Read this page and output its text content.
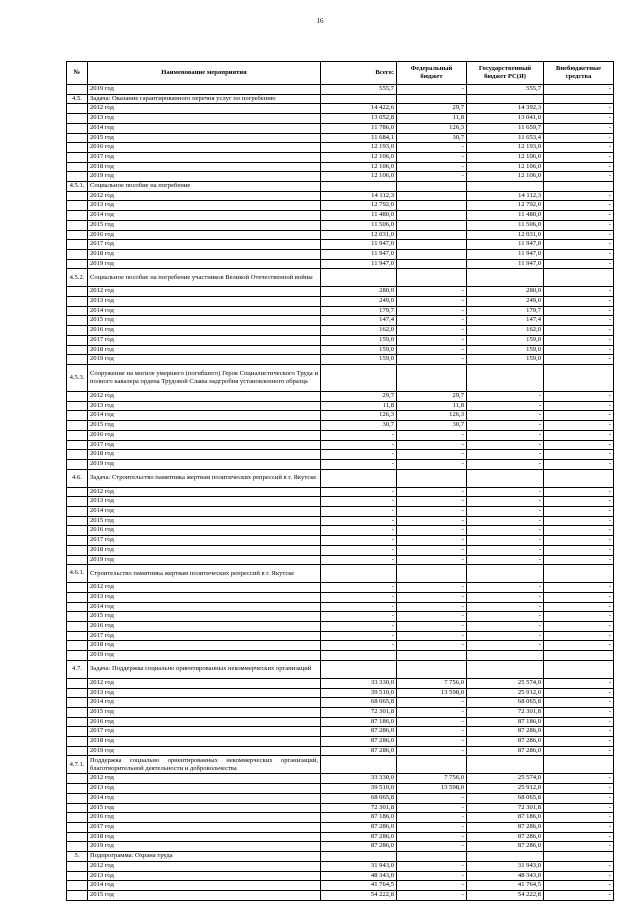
16
№	Наименование мероприятия	Всего:	Федеральный бюджет	Государственный бюджет РС(Я)	Внебюджетные средства
	2019 год	555,7	-	555,7	-
4.5.	Задача: Оказание гарантированного перечня услуг по погребению				
	2012 год	14 422,6	29,7	14 392,3	-
	2013 год	13 052,8	11,8	13 041,0	-
	2014 год	11 786,0	126,3	11 659,7	-
	2015 год	11 684,1	30,7	11 653,4	-
	2016 год	12 193,0	-	12 193,0	-
	2017 год	12 106,0	-	12 106,0	-
	2018 год	12 106,0	-	12 106,0	-
	2019 год	12 106,0	-	12 106,0	-
4.5.1.	Социальное пособие на погребение				
	2012 год	14 112,3		14 112,3	-
	2013 год	12 792,0		12 792,0	-
	2014 год	11 480,0		11 480,0	-
	2015 год	11 506,0		11 506,0	-
	2016 год	12 031,0		12 031,0	-
	2017 год	11 947,0		11 947,0	-
	2018 год	11 947,0		11 947,0	-
	2019 год	11 947,0		11 947,0	-
4.5.2.	Социальное пособие на погребение участников Великой Отечественной войны				
	2012 год	280,0	-	280,0	-
	2013 год	249,0	-	249,0	-
	2014 год	179,7	-	179,7	-
	2015 год	147,4	-	147,4	-
	2016 год	162,0	-	162,0	-
	2017 год	159,0	-	159,0	-
	2018 год	159,0	-	159,0	-
	2019 год	159,0	-	159,0	-
4.5.3.	Сооружение на могиле умершего (погибшего) Героя Социалистического Труда и полного кавалера ордена Трудовой Славы надгробия установленного образца				
	2012 год	29,7	29,7	-	-
	2013 год	11,8	11,8	-	-
	2014 год	126,3	126,3	-	-
	2015 год	30,7	30,7	-	-
	2016 год	-	-	-	-
	2017 год	-	-	-	-
	2018 год	-	-	-	-
	2019 год	-	-	-	-
4.6.	Задача: Строительство памятника жертвам политических репрессий в г. Якутске				
	2012 год	-	-	-	-
	2013 год	-	-	-	-
	2014 год	-	-	-	-
	2015 год	-	-	-	-
	2016 год	-	-	-	-
	2017 год	-	-	-	-
	2018 год	-	-	-	-
	2019 год	-	-	-	-
4.6.1.	Строительство памятника жертвам политических репрессий в г. Якутске				
	2012 год	-	-	-	-
	2013 год	-	-	-	-
	2014 год	-	-	-	-
	2015 год	-	-	-	-
	2016 год	-	-	-	-
	2017 год	-	-	-	-
	2018 год	-	-	-	-
	2019 год				
4.7.	Задача: Поддержка социально ориентированных некоммерческих организаций				
	2012 год	33 330,0	7 756,0	25 574,0	-
	2013 год	39 510,0	13 598,0	25 912,0	-
	2014 год	68 065,8	-	68 065,8	-
	2015 год	72 301,8	-	72 301,8	-
	2016 год	87 186,0	-	87 186,0	-
	2017 год	87 286,0	-	87 286,0	-
	2018 год	87 286,0	-	87 286,0	-
	2019 год	87 286,0	-	87 286,0	-
4.7.1.	Поддержка социально ориентированных некоммерческих организаций, благотворительной деятельности и добровольчества				
	2012 год	33 330,0	7 756,0	25 574,0	-
	2013 год	39 510,0	13 598,0	25 912,0	-
	2014 год	68 065,8	-	68 065,8	-
	2015 год	72 301,8	-	72 301,8	-
	2016 год	87 186,0	-	87 186,0	-
	2017 год	87 286,0	-	87 286,0	-
	2018 год	87 286,0	-	87 286,0	-
	2019 год	87 286,0	-	87 286,0	-
5.	Подпрограмма: Охрана труда				
	2012 год	31 943,0	-	31 943,0	-
	2013 год	48 343,0	-	48 343,0	-
	2014 год	41 764,5	-	41 764,5	-
	2015 год	54 222,8	-	54 222,8	-
